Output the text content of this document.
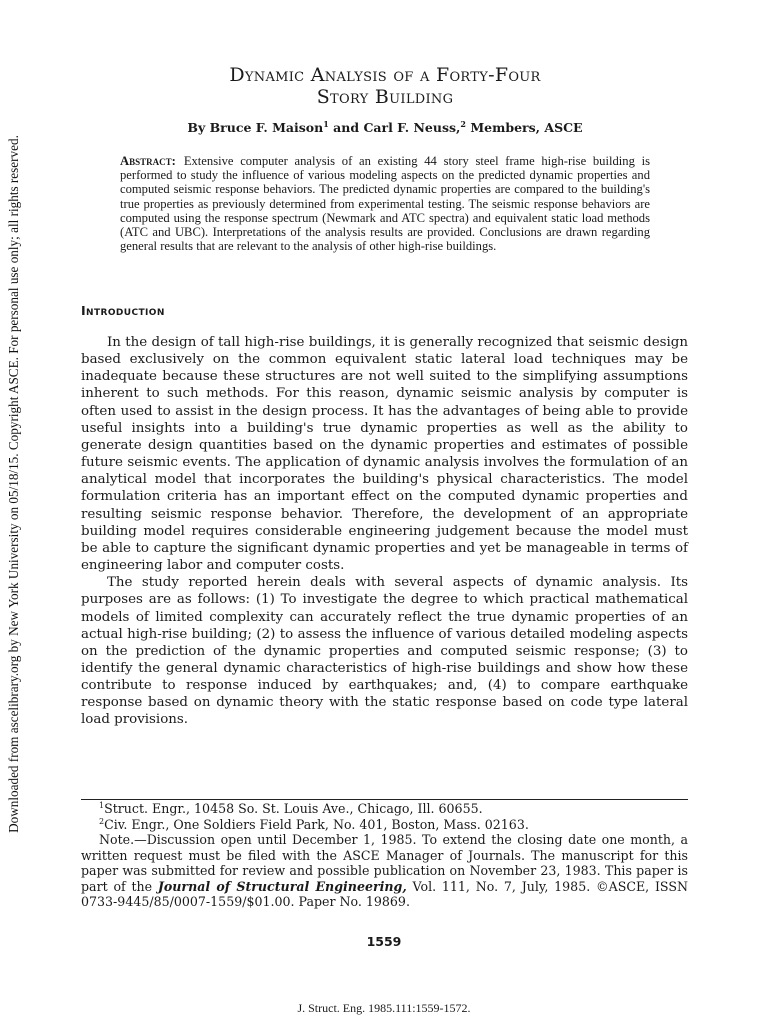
Downloaded from ascelibrary.org by New York University on 05/18/15. Copyright ASCE. For personal use only; all rights reserved.
Dynamic Analysis of a Forty-Four
Story Building
By Bruce F. Maison$^1$ and Carl F. Neuss,$^2$ Members, ASCE
Abstract: Extensive computer analysis of an existing 44 story steel frame high-rise building is performed to study the influence of various modeling aspects on the predicted dynamic properties and computed seismic response behaviors. The predicted dynamic properties are compared to the building's true properties as previously determined from experimental testing. The seismic response behaviors are computed using the response spectrum (Newmark and ATC spectra) and equivalent static load methods (ATC and UBC). Interpretations of the analysis results are provided. Conclusions are drawn regarding general results that are relevant to the analysis of other high-rise buildings.
Introduction

In the design of tall high-rise buildings, it is generally recognized that seismic design based exclusively on the common equivalent static lateral load techniques may be inadequate because these structures are not well suited to the simplifying assumptions inherent to such methods. For this reason, dynamic seismic analysis by computer is often used to assist in the design process. It has the advantages of being able to provide useful insights into a building's true dynamic properties as well as the ability to generate design quantities based on the dynamic properties and estimates of possible future seismic events. The application of dynamic analysis involves the formulation of an analytical model that incorporates the building's physical characteristics. The model formulation criteria has an important effect on the computed dynamic properties and resulting seismic response behavior. Therefore, the development of an appropriate building model requires considerable engineering judgement because the model must be able to capture the significant dynamic properties and yet be manageable in terms of engineering labor and computer costs.

The study reported herein deals with several aspects of dynamic analysis. Its purposes are as follows: (1) To investigate the degree to which practical mathematical models of limited complexity can accurately reflect the true dynamic properties of an actual high-rise building; (2) to assess the influence of various detailed modeling aspects on the prediction of the dynamic properties and computed seismic response; (3) to identify the general dynamic characteristics of high-rise buildings and show how these contribute to response induced by earthquakes; and, (4) to compare earthquake response based on dynamic theory with the static response based on code type lateral load provisions.

$^1$Struct. Engr., 10458 So. St. Louis Ave., Chicago, Ill. 60655.

$^2$Civ. Engr., One Soldiers Field Park, No. 401, Boston, Mass. 02163.

Note.—Discussion open until December 1, 1985. To extend the closing date one month, a written request must be filed with the ASCE Manager of Journals. The manuscript for this paper was submitted for review and possible publication on November 23, 1983. This paper is part of the Journal of Structural Engineering, Vol. 111, No. 7, July, 1985. ©ASCE, ISSN 0733-9445/85/0007-1559/$01.00. Paper No. 19869.

1559
J. Struct. Eng. 1985.111:1559-1572.
